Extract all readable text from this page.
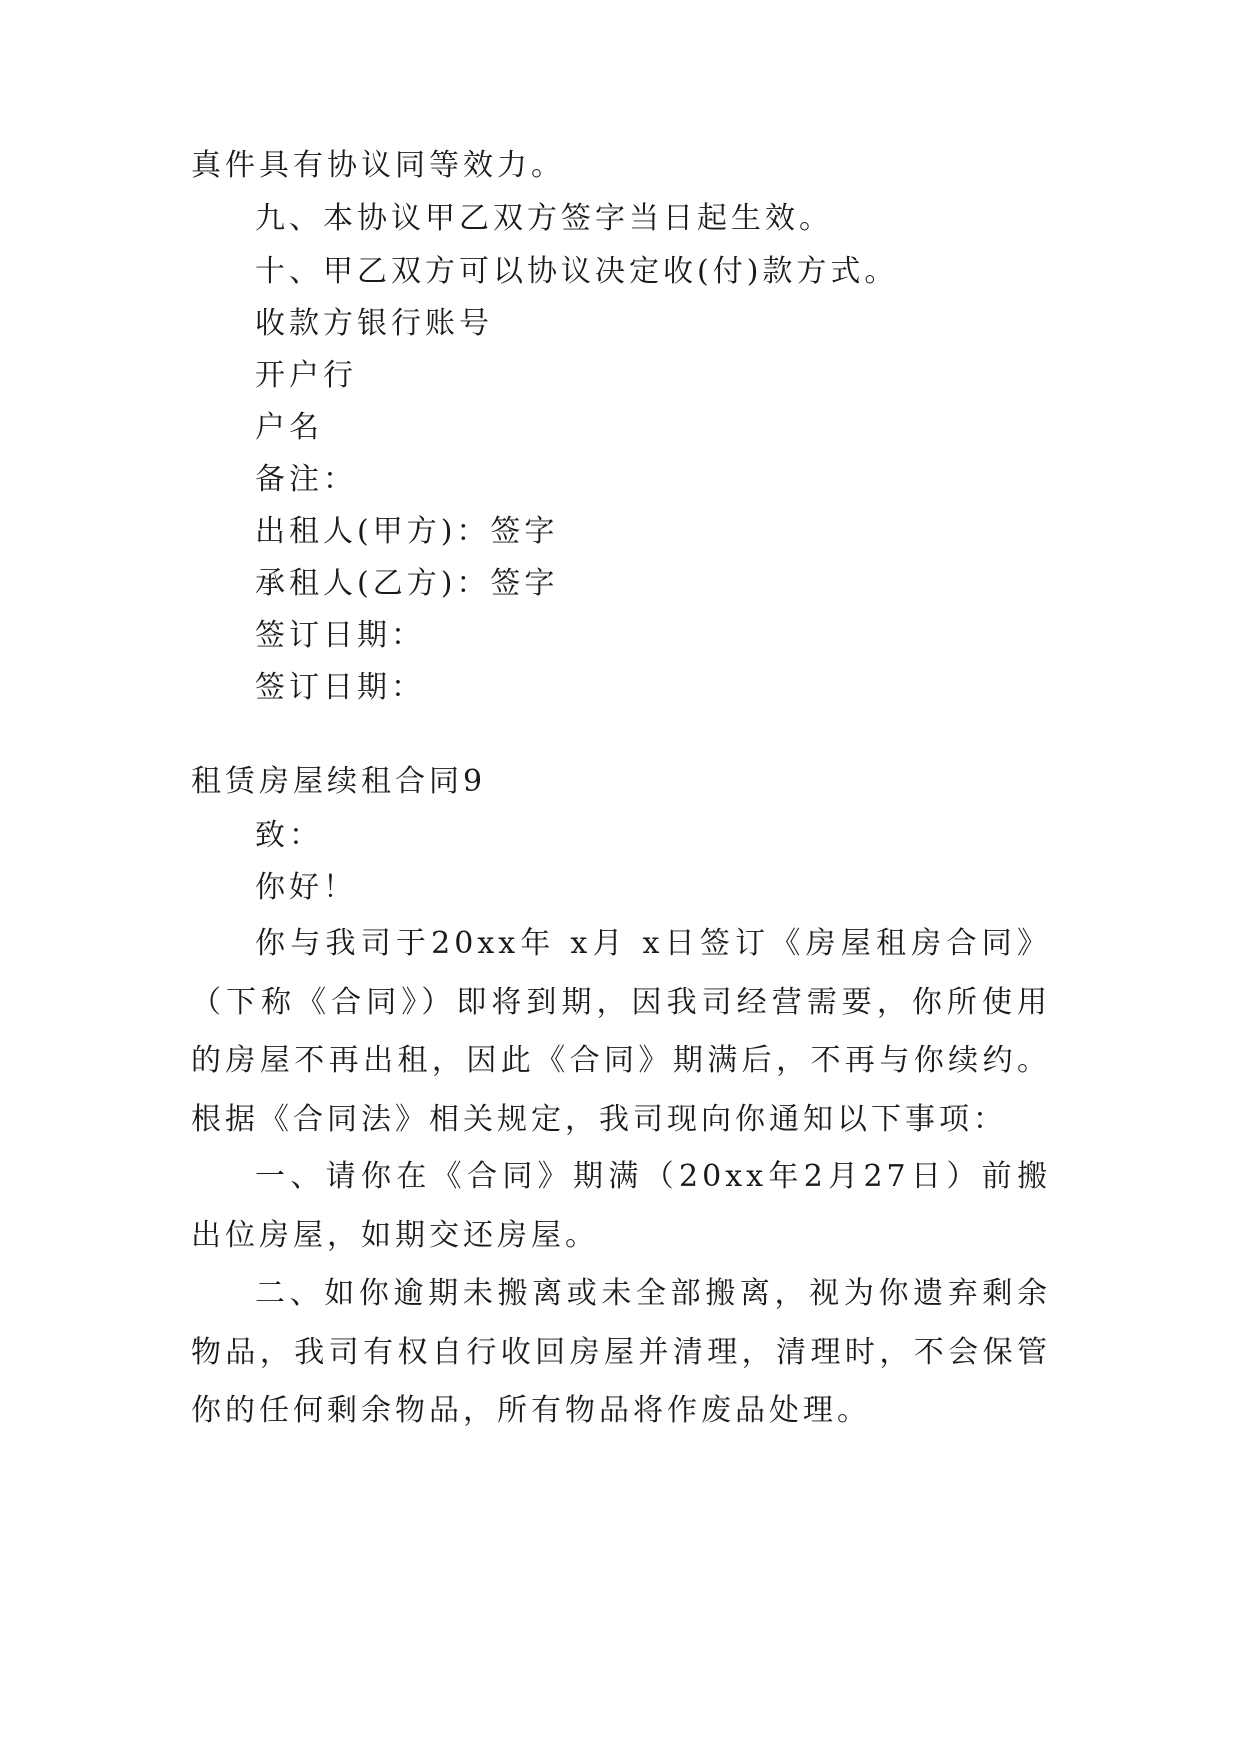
真件具有协议同等效力。
九、本协议甲乙双方签字当日起生效。
十、甲乙双方可以协议决定收(付)款方式。
收款方银行账号
开户行
户名
备注：
出租人(甲方)：签字
承租人(乙方)：签字
签订日期：
签订日期：
租赁房屋续租合同9
致：
你好！
你与我司于20xx年 x月 x日签订《房屋租房合同》（下称《合同》）即将到期，因我司经营需要，你所使用的房屋不再出租，因此《合同》期满后，不再与你续约。根据《合同法》相关规定，我司现向你通知以下事项：
一、请你在《合同》期满（20xx年2月27日）前搬出位房屋，如期交还房屋。
二、如你逾期未搬离或未全部搬离，视为你遗弃剩余物品，我司有权自行收回房屋并清理，清理时，不会保管你的任何剩余物品，所有物品将作废品处理。
